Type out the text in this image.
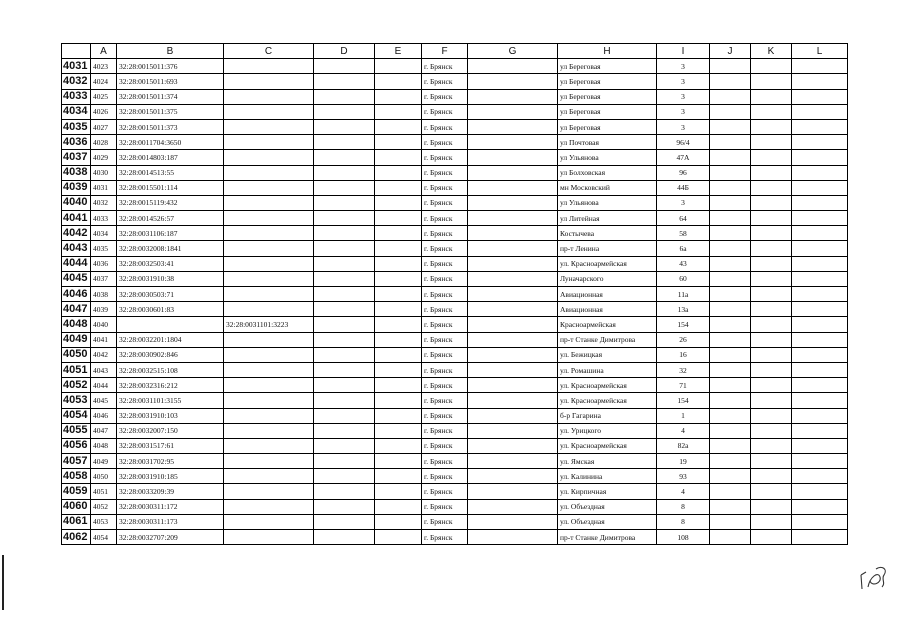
	A	B	C	D	E	F	G	H	I	J	K	L
4031	4023	32:28:0015011:376				г. Брянск		ул Береговая	3			
4032	4024	32:28:0015011:693				г. Брянск		ул Береговая	3			
4033	4025	32:28:0015011:374				г. Брянск		ул Береговая	3			
4034	4026	32:28:0015011:375				г. Брянск		ул Береговая	3			
4035	4027	32:28:0015011:373				г. Брянск		ул Береговая	3			
4036	4028	32:28:0011704:3650				г. Брянск		ул Почтовая	96/4			
4037	4029	32:28:0014803:187				г. Брянск		ул Ульянова	47А			
4038	4030	32:28:0014513:55				г. Брянск		ул Болховская	96			
4039	4031	32:28:0015501:114				г. Брянск		мн Московский	44Б			
4040	4032	32:28:0015119:432				г. Брянск		ул Ульянова	3			
4041	4033	32:28:0014526:57				г. Брянск		ул Литейная	64			
4042	4034	32:28:0031106:187				г. Брянск		Костычева	58			
4043	4035	32:28:0032008:1841				г. Брянск		пр-т Ленина	6а			
4044	4036	32:28:0032503:41				г. Брянск		ул. Красноармейская	43			
4045	4037	32:28:0031910:38				г. Брянск		Луначарского	60			
4046	4038	32:28:0030503:71				г. Брянск		Авиационная	11а			
4047	4039	32:28:0030601:83				г. Брянск		Авиационная	13а			
4048	4040		32:28:0031101:3223			г. Брянск		Красноармейская	154			
4049	4041	32:28:0032201:1804				г. Брянск		пр-т Станке Димитрова	26			
4050	4042	32:28:0030902:846				г. Брянск		ул. Бежицкая	16			
4051	4043	32:28:0032515:108				г. Брянск		ул. Ромашина	32			
4052	4044	32:28:0032316:212				г. Брянск		ул. Красноармейская	71			
4053	4045	32:28:0031101:3155				г. Брянск		ул. Красноармейская	154			
4054	4046	32:28:0031910:103				г. Брянск		б-р Гагарина	1			
4055	4047	32:28:0032007:150				г. Брянск		ул. Урицкого	4			
4056	4048	32:28:0031517:61				г. Брянск		ул. Красноармейская	82а			
4057	4049	32:28:0031702:95				г. Брянск		ул. Ямская	19			
4058	4050	32:28:0031910:185				г. Брянск		ул. Калинина	93			
4059	4051	32:28:0033209:39				г. Брянск		ул. Кирпичная	4			
4060	4052	32:28:0030311:172				г. Брянск		ул. Объездная	8			
4061	4053	32:28:0030311:173				г. Брянск		ул. Объездная	8			
4062	4054	32:28:0032707:209				г. Брянск		пр-т Станке Димитрова	108			
